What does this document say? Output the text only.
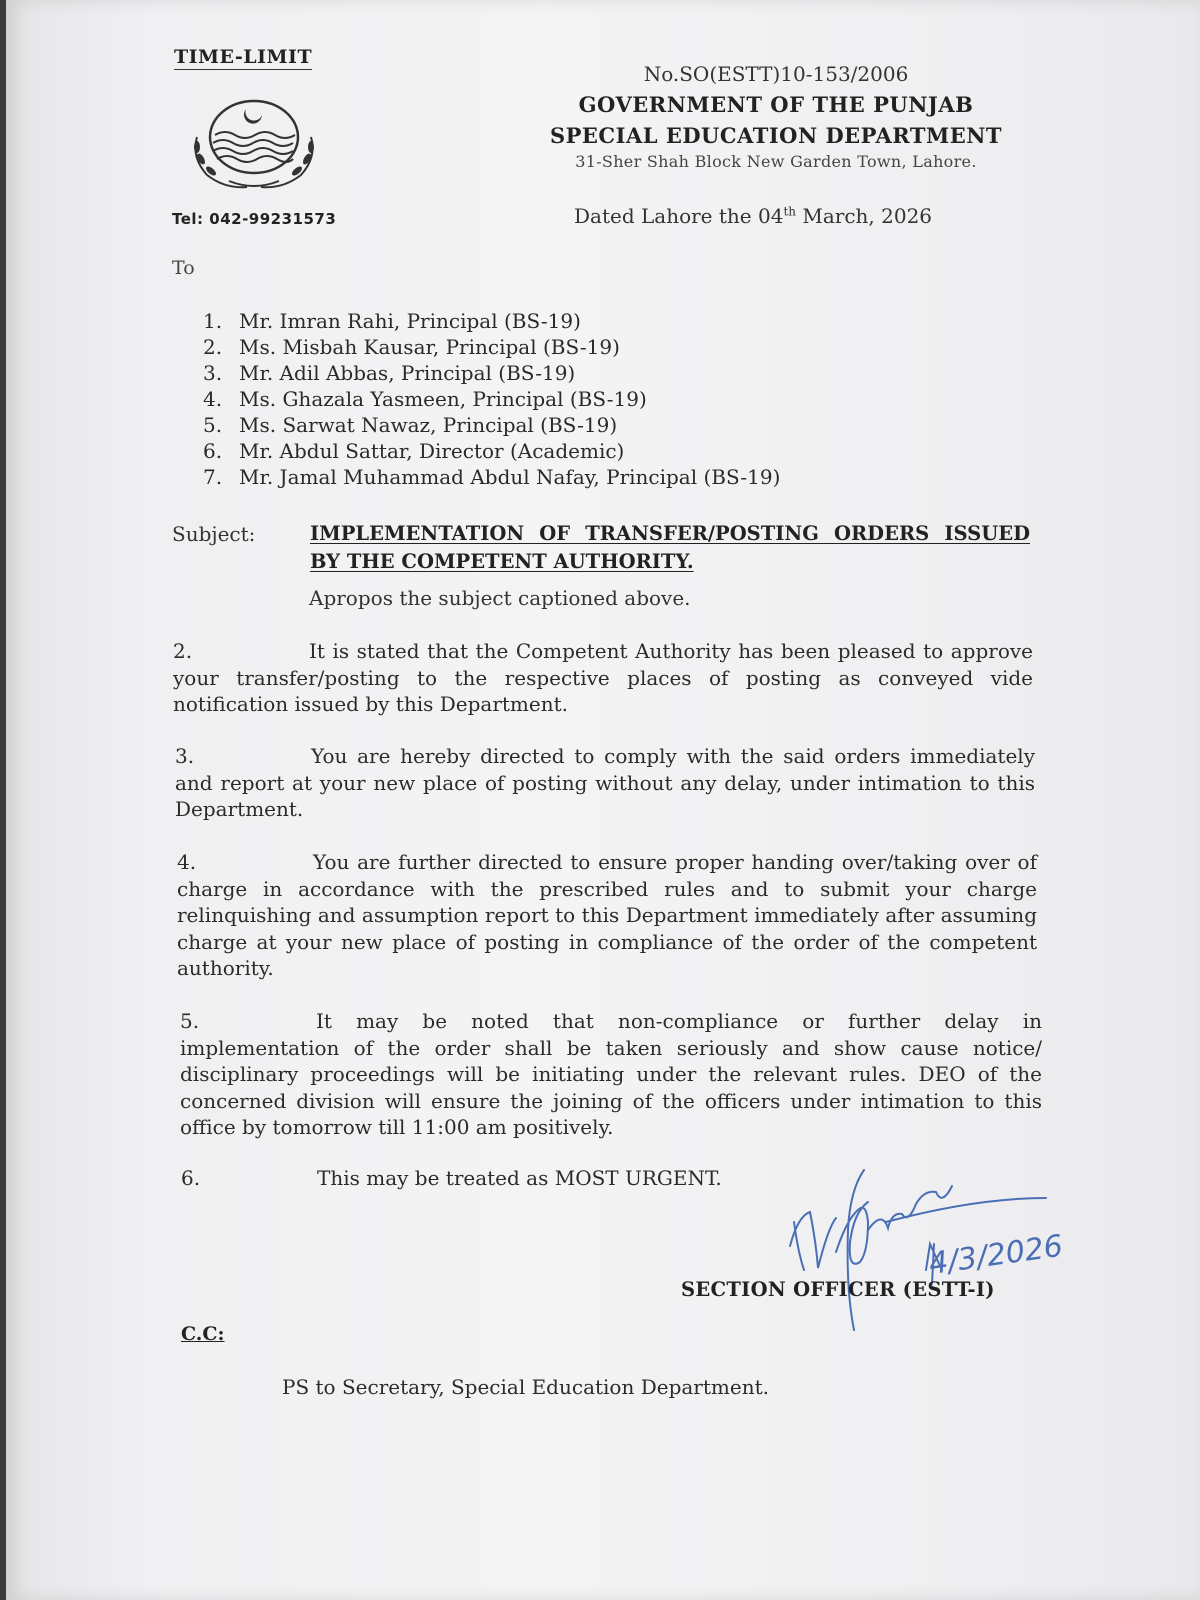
TIME-LIMIT
Tel: 042-99231573
No.SO(ESTT)10-153/2006
GOVERNMENT OF THE PUNJAB
SPECIAL EDUCATION DEPARTMENT
31-Sher Shah Block New Garden Town, Lahore.
Dated Lahore the 04th March, 2026
To
1. Mr. Imran Rahi, Principal (BS-19)
2. Ms. Misbah Kausar, Principal (BS-19)
3. Mr. Adil Abbas, Principal (BS-19)
4. Ms. Ghazala Yasmeen, Principal (BS-19)
5. Ms. Sarwat Nawaz, Principal (BS-19)
6. Mr. Abdul Sattar, Director (Academic)
7. Mr. Jamal Muhammad Abdul Nafay, Principal (BS-19)
Subject:	IMPLEMENTATION OF TRANSFER/POSTING ORDERS ISSUED BY THE COMPETENT AUTHORITY.
Apropos the subject captioned above.
2.	It is stated that the Competent Authority has been pleased to approve your transfer/posting to the respective places of posting as conveyed vide notification issued by this Department.
3.	You are hereby directed to comply with the said orders immediately and report at your new place of posting without any delay, under intimation to this Department.
4.	You are further directed to ensure proper handing over/taking over of charge in accordance with the prescribed rules and to submit your charge relinquishing and assumption report to this Department immediately after assuming charge at your new place of posting in compliance of the order of the competent authority.
5.	It may be noted that non-compliance or further delay in implementation of the order shall be taken seriously and show cause notice/ disciplinary proceedings will be initiating under the relevant rules. DEO of the concerned division will ensure the joining of the officers under intimation to this office by tomorrow till 11:00 am positively.
6.	This may be treated as MOST URGENT.
4/3/2026
SECTION OFFICER (ESTT-I)
C.C:
PS to Secretary, Special Education Department.
